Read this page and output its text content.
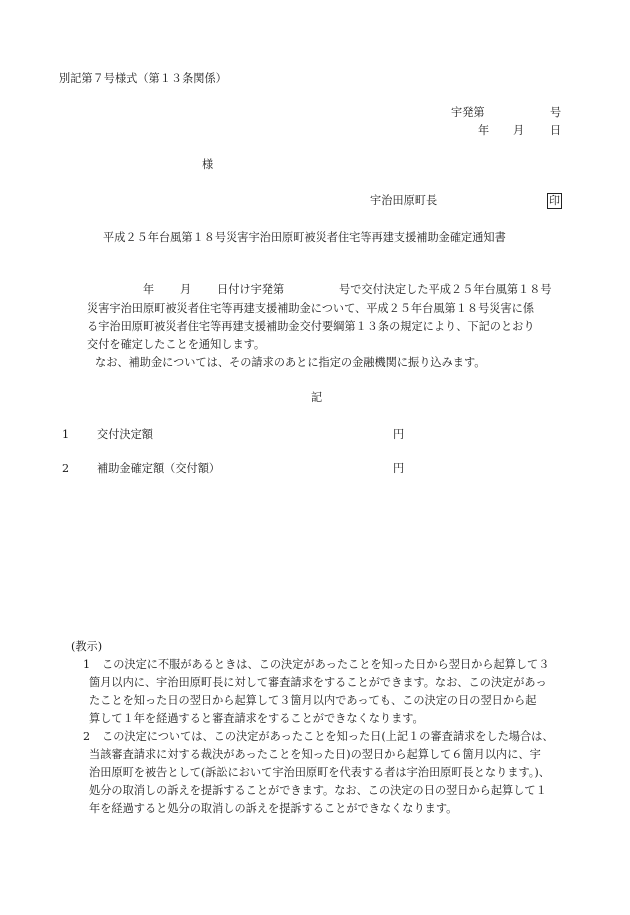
別記第７号様式（第１３条関係）
宇発第	号
年 月 日
様
宇治田原町長	印
平成２５年台風第１８号災害宇治田原町被災者住宅等再建支援補助金確定通知書
年 月 日付け宇発第	号で交付決定した平成２５年台風第１８号
災害宇治田原町被災者住宅等再建支援補助金について、平成２５年台風第１８号災害に係
る宇治田原町被災者住宅等再建支援補助金交付要綱第１３条の規定により、下記のとおり
交付を確定したことを通知します。
なお、補助金については、その請求のあとに指定の金融機関に振り込みます。
記
1 交付決定額	円
2 補助金確定額（交付額）	円
(教示)
1 この決定に不服があるときは、この決定があったことを知った日から翌日から起算して３
箇月以内に、宇治田原町長に対して審査請求をすることができます。なお、この決定があっ
たことを知った日の翌日から起算して３箇月以内であっても、この決定の日の翌日から起
算して１年を経過すると審査請求をすることができなくなります。
2 この決定については、この決定があったことを知った日(上記１の審査請求をした場合は、
当該審査請求に対する裁決があったことを知った日)の翌日から起算して６箇月以内に、宇
治田原町を被告として(訴訟において宇治田原町を代表する者は宇治田原町長となります。)、
処分の取消しの訴えを提訴することができます。なお、この決定の日の翌日から起算して１
年を経過すると処分の取消しの訴えを提訴することができなくなります。
